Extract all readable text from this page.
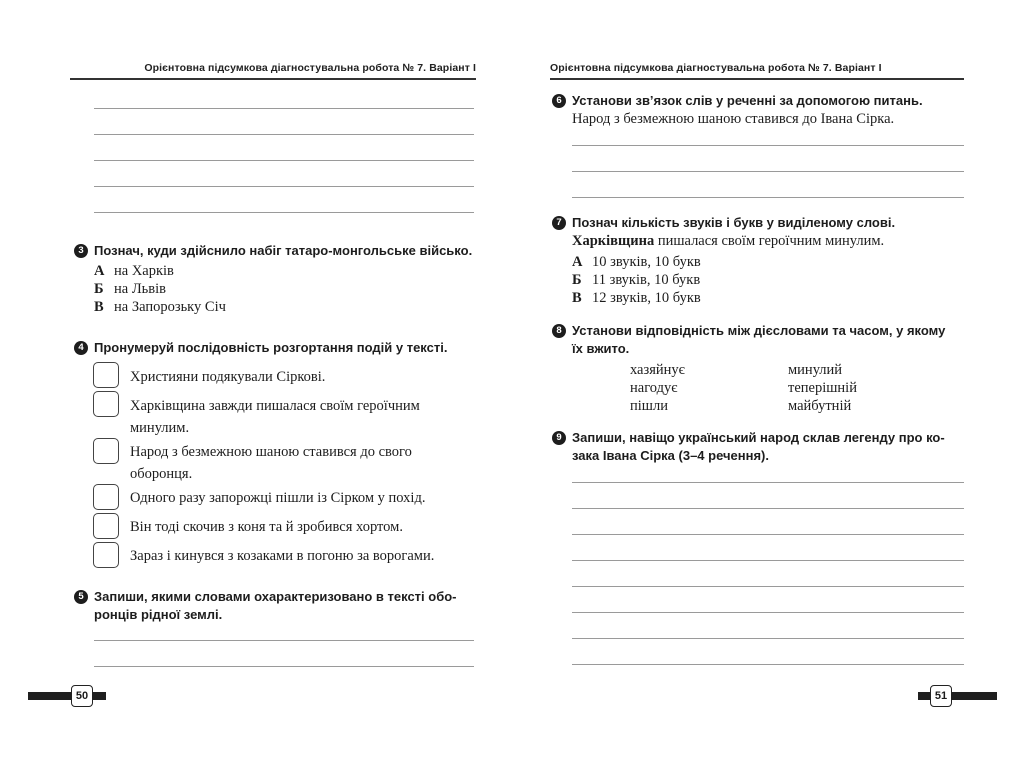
Орієнтовна підсумкова діагностувальна робота № 7. Варіант І
3 Познач, куди здійснило набіг татаро-монгольське військо.
А на Харків
Б на Львів
В на Запорозьку Січ
4 Пронумеруй послідовність розгортання подій у тексті.
Християни подякували Сіркові.
Харківщина завжди пишалася своїм героїчним
минулим.
Народ з безмежною шаною ставився до свого
оборонця.
Одного разу запорожці пішли із Сірком у похід.
Він тоді скочив з коня та й зробився хортом.
Зараз і кинувся з козаками в погоню за ворогами.
5 Запиши, якими словами охарактеризовано в тексті обо-
ронців рідної землі.
50
Орієнтовна підсумкова діагностувальна робота № 7. Варіант І
6 Установи зв’язок слів у реченні за допомогою питань.
Народ з безмежною шаною ставився до Івана Сірка.
7 Познач кількість звуків і букв у виділеному слові.
Харківщина пишалася своїм героїчним минулим.
А 10 звуків, 10 букв
Б 11 звуків, 10 букв
В 12 звуків, 10 букв
8 Установи відповідність між дієсловами та часом, у якому
їх вжито.
хазяйнує
нагодує
пішли
минулий
теперішній
майбутній
9 Запиши, навіщо український народ склав легенду про ко-
зака Івана Сірка (3–4 речення).
51
